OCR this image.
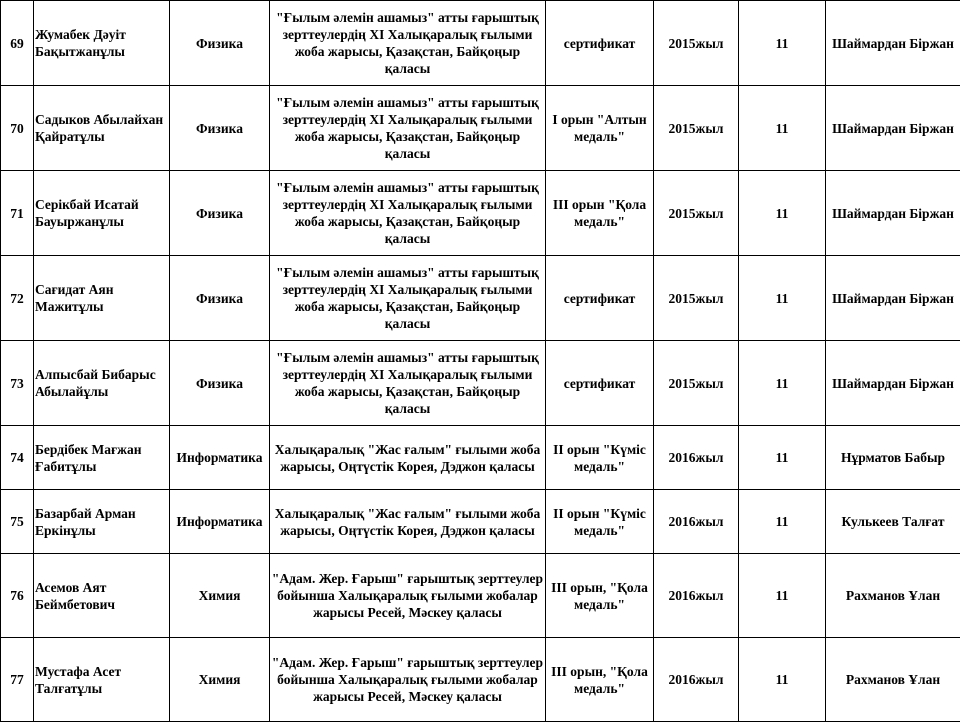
69	Жумабек Дәуіт Бақытжанұлы	Физика	"Ғылым әлемін ашамыз" атты ғарыштық зерттеулердің XI Халықаралық ғылыми жоба жарысы, Қазақстан, Байқоңыр қаласы	сертификат	2015жыл	11	Шаймардан Біржан
70	Садыков Абылайхан Қайратұлы	Физика	"Ғылым әлемін ашамыз" атты ғарыштық зерттеулердің XI Халықаралық ғылыми жоба жарысы, Қазақстан, Байқоңыр қаласы	I орын "Алтын медаль"	2015жыл	11	Шаймардан Біржан
71	Серікбай Исатай Бауыржанұлы	Физика	"Ғылым әлемін ашамыз" атты ғарыштық зерттеулердің XI Халықаралық ғылыми жоба жарысы, Қазақстан, Байқоңыр қаласы	III орын "Қола медаль"	2015жыл	11	Шаймардан Біржан
72	Сағидат Аян Мажитұлы	Физика	"Ғылым әлемін ашамыз" атты ғарыштық зерттеулердің XI Халықаралық ғылыми жоба жарысы, Қазақстан, Байқоңыр қаласы	сертификат	2015жыл	11	Шаймардан Біржан
73	Алпысбай Бибарыс Абылайұлы	Физика	"Ғылым әлемін ашамыз" атты ғарыштық зерттеулердің XI Халықаралық ғылыми жоба жарысы, Қазақстан, Байқоңыр қаласы	сертификат	2015жыл	11	Шаймардан Біржан
74	Бердібек Мағжан Ғабитұлы	Информатика	Халықаралық "Жас ғалым" ғылыми жоба жарысы, Оңтүстік Корея, Дэджон қаласы	II орын "Күміс медаль"	2016жыл	11	Нұрматов Бабыр
75	Базарбай Арман Еркінұлы	Информатика	Халықаралық "Жас ғалым" ғылыми жоба жарысы, Оңтүстік Корея, Дэджон қаласы	II орын "Күміс медаль"	2016жыл	11	Кулькеев Талғат
76	Асемов Аят Беймбетович	Химия	"Адам. Жер. Ғарыш" ғарыштық зерттеулер бойынша Халықаралық ғылыми жобалар жарысы Ресей, Мәскеу қаласы	III орын, "Қола медаль"	2016жыл	11	Рахманов Ұлан
77	Мустафа Асет Талғатұлы	Химия	"Адам. Жер. Ғарыш" ғарыштық зерттеулер бойынша Халықаралық ғылыми жобалар жарысы Ресей, Мәскеу қаласы	III орын, "Қола медаль"	2016жыл	11	Рахманов Ұлан
